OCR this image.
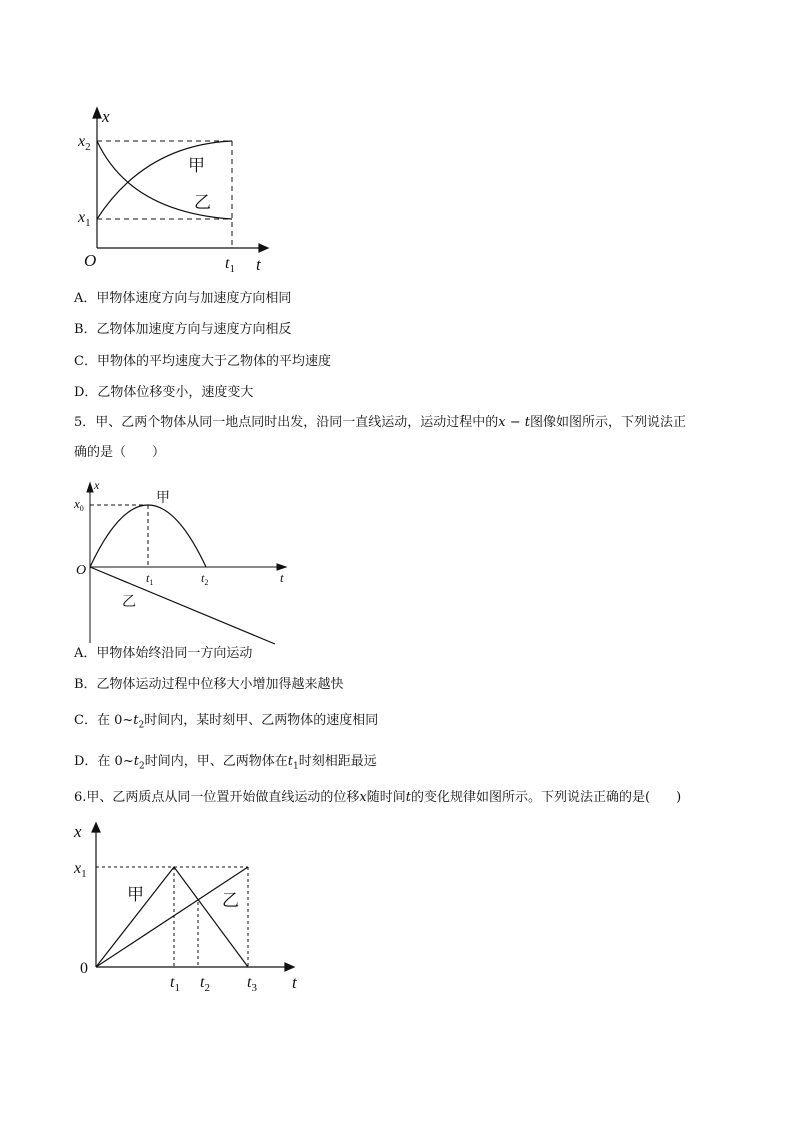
x
t
O
$x_2$
$x_1$
$t_1$
甲
乙
A．甲物体速度方向与加速度方向相同
B．乙物体加速度方向与速度方向相反
C．甲物体的平均速度大于乙物体的平均速度
D．乙物体位移变小，速度变大
5．甲、乙两个物体从同一地点同时出发，沿同一直线运动，运动过程中的x − t图像如图所示，下列说法正
确的是（　　）
x
t
O
$x_0$
$t_1$	$t_2$
甲
乙
A．甲物体始终沿同一方向运动
B．乙物体运动过程中位移大小增加得越来越快
C．在 $0\sim t_2$时间内，某时刻甲、乙两物体的速度相同
D．在 $0\sim t_2$时间内，甲、乙两物体在$t_1$时刻相距最远
6.甲、乙两质点从同一位置开始做直线运动的位移x随时间t的变化规律如图所示。下列说法正确的是(　　)
x
t
0
$x_1$
$t_1$ $t_2$ $t_3$
甲	乙
